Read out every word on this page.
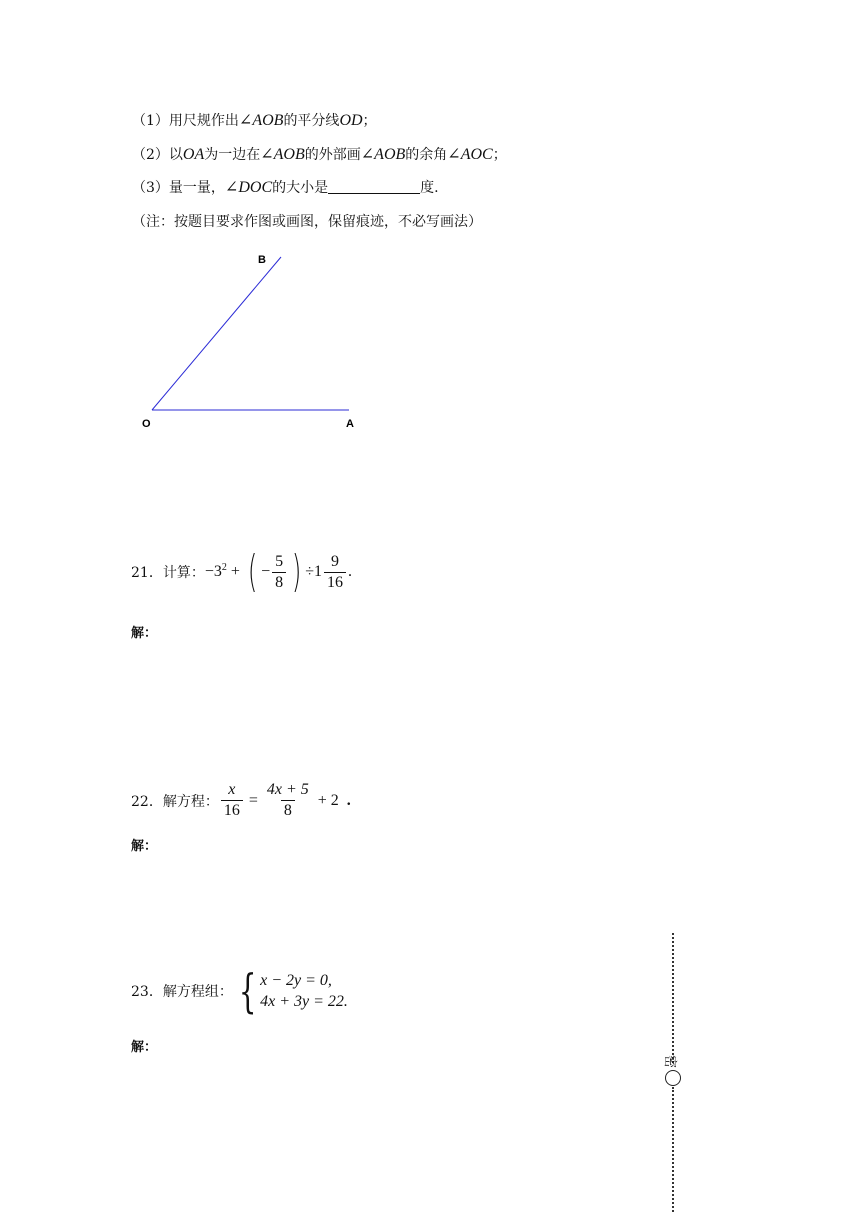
（1）用尺规作出∠AOB的平分线OD；
（2）以OA为一边在∠AOB的外部画∠AOB的余角∠AOC；
（3）量一量，∠DOC的大小是	度.
（注：按题目要求作图或画图，保留痕迹，不必写画法）
B
O	A
21．计算： $-3^2$ + ( − $\frac{5}{8}$ ) $\div 1 \frac{9}{16}$ .
解：
22．解方程： $\frac{x}{16} = \frac{4x + 5}{8} + 2$ .
解：
23．解方程组： { x − 2y = 0,
4x + 3y = 22.
解：
密
